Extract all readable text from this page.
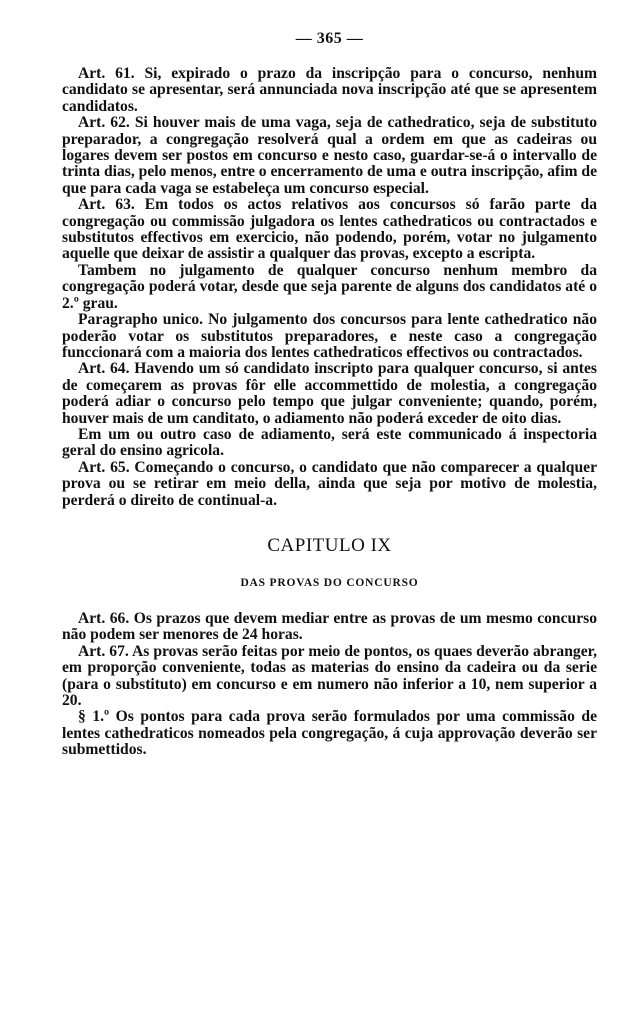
— 365 —

Art. 61. Si, expirado o prazo da inscripção para o concurso, nenhum candidato se apresentar, será annunciada nova inscripção até que se apresentem candidatos.

Art. 62. Si houver mais de uma vaga, seja de cathedratico, seja de substituto preparador, a congregação resolverá qual a ordem em que as cadeiras ou logares devem ser postos em concurso e nesto caso, guardar-se-á o intervallo de trinta dias, pelo menos, entre o encerramento de uma e outra inscripção, afim de que para cada vaga se estabeleça um concurso especial.

Art. 63. Em todos os actos relativos aos concursos só farão parte da congregação ou commissão julgadora os lentes cathedraticos ou contractados e substitutos effectivos em exercicio, não podendo, porém, votar no julgamento aquelle que deixar de assistir a qualquer das provas, excepto a escripta.

Tambem no julgamento de qualquer concurso nenhum membro da congregação poderá votar, desde que seja parente de alguns dos candidatos até o 2.º grau.

Paragrapho unico. No julgamento dos concursos para lente cathedratico não poderão votar os substitutos preparadores, e neste caso a congregação funccionará com a maioria dos lentes cathedraticos effectivos ou contractados.

Art. 64. Havendo um só candidato inscripto para qualquer concurso, si antes de começarem as provas fôr elle accommettido de molestia, a congregação poderá adiar o concurso pelo tempo que julgar conveniente; quando, porém, houver mais de um canditato, o adiamento não poderá exceder de oito dias.

Em um ou outro caso de adiamento, será este communicado á inspectoria geral do ensino agricola.

Art. 65. Começando o concurso, o candidato que não comparecer a qualquer prova ou se retirar em meio della, ainda que seja por motivo de molestia, perderá o direito de continual-a.

CAPITULO IX
DAS PROVAS DO CONCURSO

Art. 66. Os prazos que devem mediar entre as provas de um mesmo concurso não podem ser menores de 24 horas.

Art. 67. As provas serão feitas por meio de pontos, os quaes deverão abranger, em proporção conveniente, todas as materias do ensino da cadeira ou da serie (para o substituto) em concurso e em numero não inferior a 10, nem superior a 20.

§ 1.º Os pontos para cada prova serão formulados por uma commissão de lentes cathedraticos nomeados pela congregação, á cuja approvação deverão ser submettidos.
